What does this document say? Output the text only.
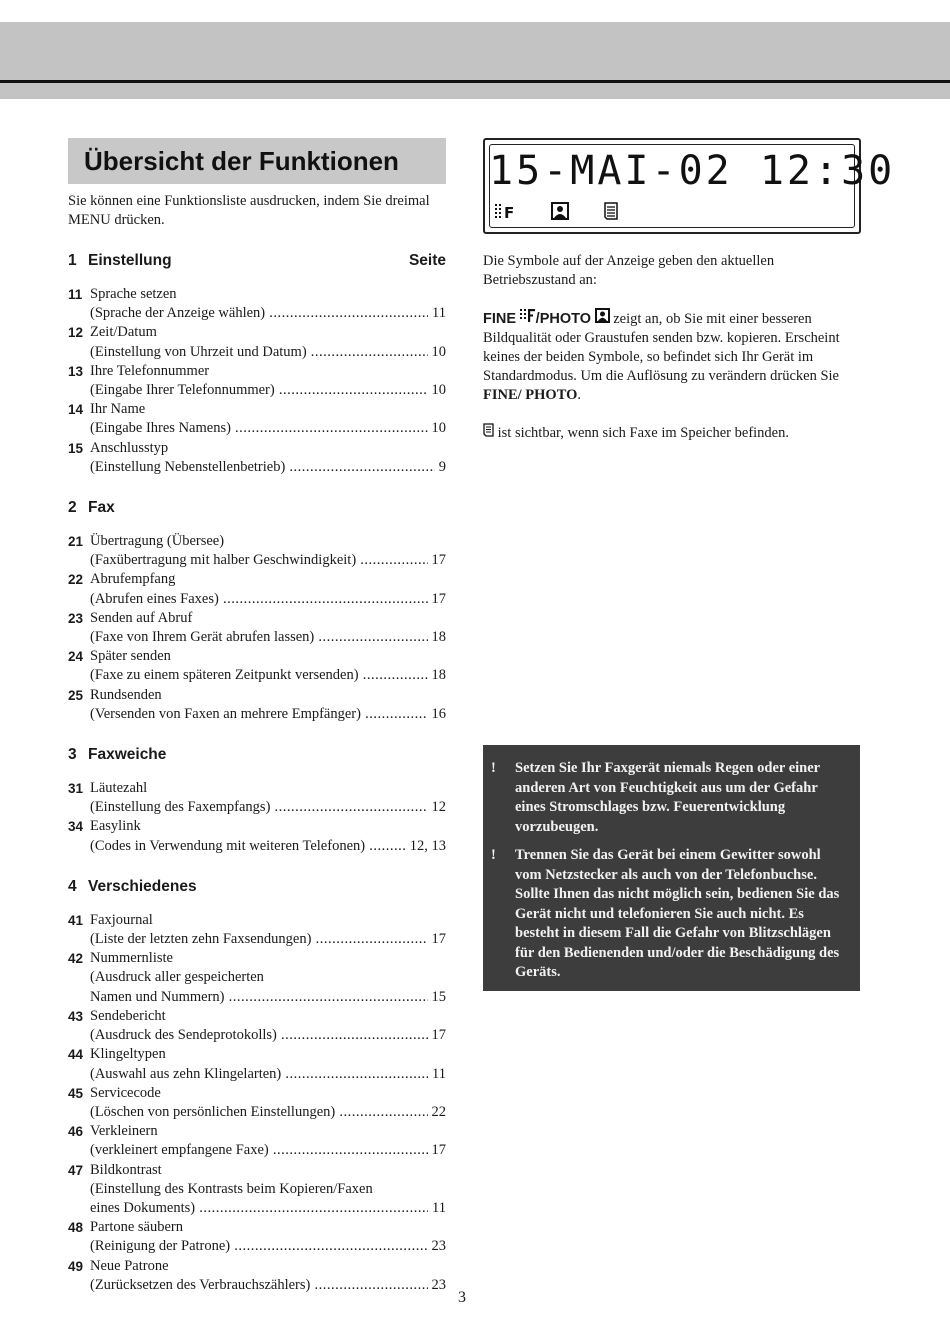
Übersicht der Funktionen
Sie können eine Funktionsliste ausdrucken, indem Sie dreimal MENU drücken.
1 Einstellung	Seite
11 Sprache setzen
(Sprache der Anzeige wählen) .....	11
12 Zeit/Datum
(Einstellung von Uhrzeit und Datum) .....	10
13 Ihre Telefonnummer
(Eingabe Ihrer Telefonnummer) .....	10
14 Ihr Name
(Eingabe Ihres Namens) .....	10
15 Anschlusstyp
(Einstellung Nebenstellenbetrieb) .....	9
2 Fax
21 Übertragung (Übersee)
(Faxübertragung mit halber Geschwindigkeit) .....	17
22 Abrufempfang
(Abrufen eines Faxes) .....	17
23 Senden auf Abruf
(Faxe von Ihrem Gerät abrufen lassen) .....	18
24 Später senden
(Faxe zu einem späteren Zeitpunkt versenden) .....	18
25 Rundsenden
(Versenden von Faxen an mehrere Empfänger) .....	16
3 Faxweiche
31 Läutezahl
(Einstellung des Faxempfangs) .....	12
34 Easylink
(Codes in Verwendung mit weiteren Telefonen) .....	12, 13
4 Verschiedenes
41 Faxjournal
(Liste der letzten zehn Faxsendungen) .....	17
42 Nummernliste
(Ausdruck aller gespeicherten
Namen und Nummern) .....	15
43 Sendebericht
(Ausdruck des Sendeprotokolls) .....	17
44 Klingeltypen
(Auswahl aus zehn Klingelarten) .....	11
45 Servicecode
(Löschen von persönlichen Einstellungen) .....	22
46 Verkleinern
(verkleinert empfangene Faxe) .....	17
47 Bildkontrast
(Einstellung des Kontrasts beim Kopieren/Faxen
eines Dokuments) .....	11
48 Partone säubern
(Reinigung der Patrone) .....	23
49 Neue Patrone
(Zurücksetzen des Verbrauchszählers) .....	23
15-MAI-02 12:30
F

Die Symbole auf der Anzeige geben den aktuellen Betriebszustand an:

FINE /PHOTO zeigt an, ob Sie mit einer besseren Bildqualität oder Graustufen senden bzw. kopieren. Erscheint keines der beiden Symbole, so befindet sich Ihr Gerät im Standardmodus. Um die Auflösung zu verändern drücken Sie FINE/ PHOTO.

ist sichtbar, wenn sich Faxe im Speicher befinden.

!	Setzen Sie Ihr Faxgerät niemals Regen oder einer anderen Art von Feuchtigkeit aus um der Gefahr eines Stromschlages bzw. Feuerentwicklung vorzubeugen.
!	Trennen Sie das Gerät bei einem Gewitter sowohl vom Netzstecker als auch von der Telefonbuchse. Sollte Ihnen das nicht möglich sein, bedienen Sie das Gerät nicht und telefonieren Sie auch nicht. Es besteht in diesem Fall die Gefahr von Blitzschlägen für den Bedienenden und/oder die Beschädigung des Geräts.
3
